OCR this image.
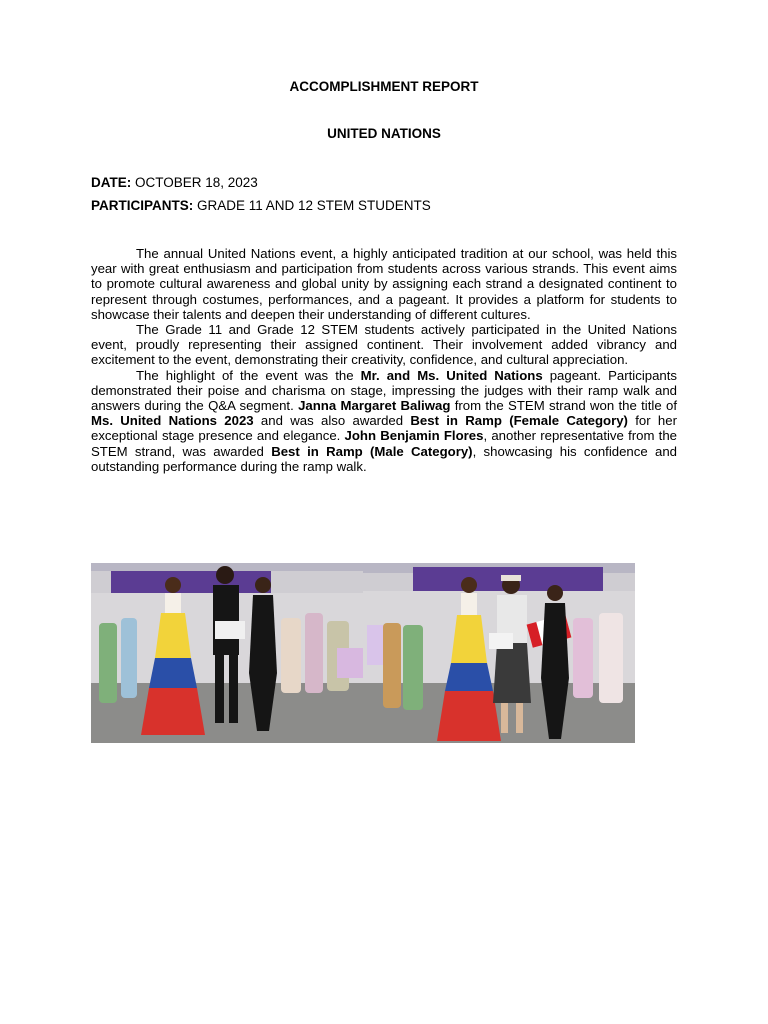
ACCOMPLISHMENT REPORT
UNITED NATIONS

DATE: OCTOBER 18, 2023

PARTICIPANTS: GRADE 11 AND 12 STEM STUDENTS

The annual United Nations event, a highly anticipated tradition at our school, was held this year with great enthusiasm and participation from students across various strands. This event aims to promote cultural awareness and global unity by assigning each strand a designated continent to represent through costumes, performances, and a pageant. It provides a platform for students to showcase their talents and deepen their understanding of different cultures.

The Grade 11 and Grade 12 STEM students actively participated in the United Nations event, proudly representing their assigned continent. Their involvement added vibrancy and excitement to the event, demonstrating their creativity, confidence, and cultural appreciation.

The highlight of the event was the Mr. and Ms. United Nations pageant. Participants demonstrated their poise and charisma on stage, impressing the judges with their ramp walk and answers during the Q&A segment. Janna Margaret Baliwag from the STEM strand won the title of Ms. United Nations 2023 and was also awarded Best in Ramp (Female Category) for her exceptional stage presence and elegance. John Benjamin Flores, another representative from the STEM strand, was awarded Best in Ramp (Male Category), showcasing his confidence and outstanding performance during the ramp walk.
